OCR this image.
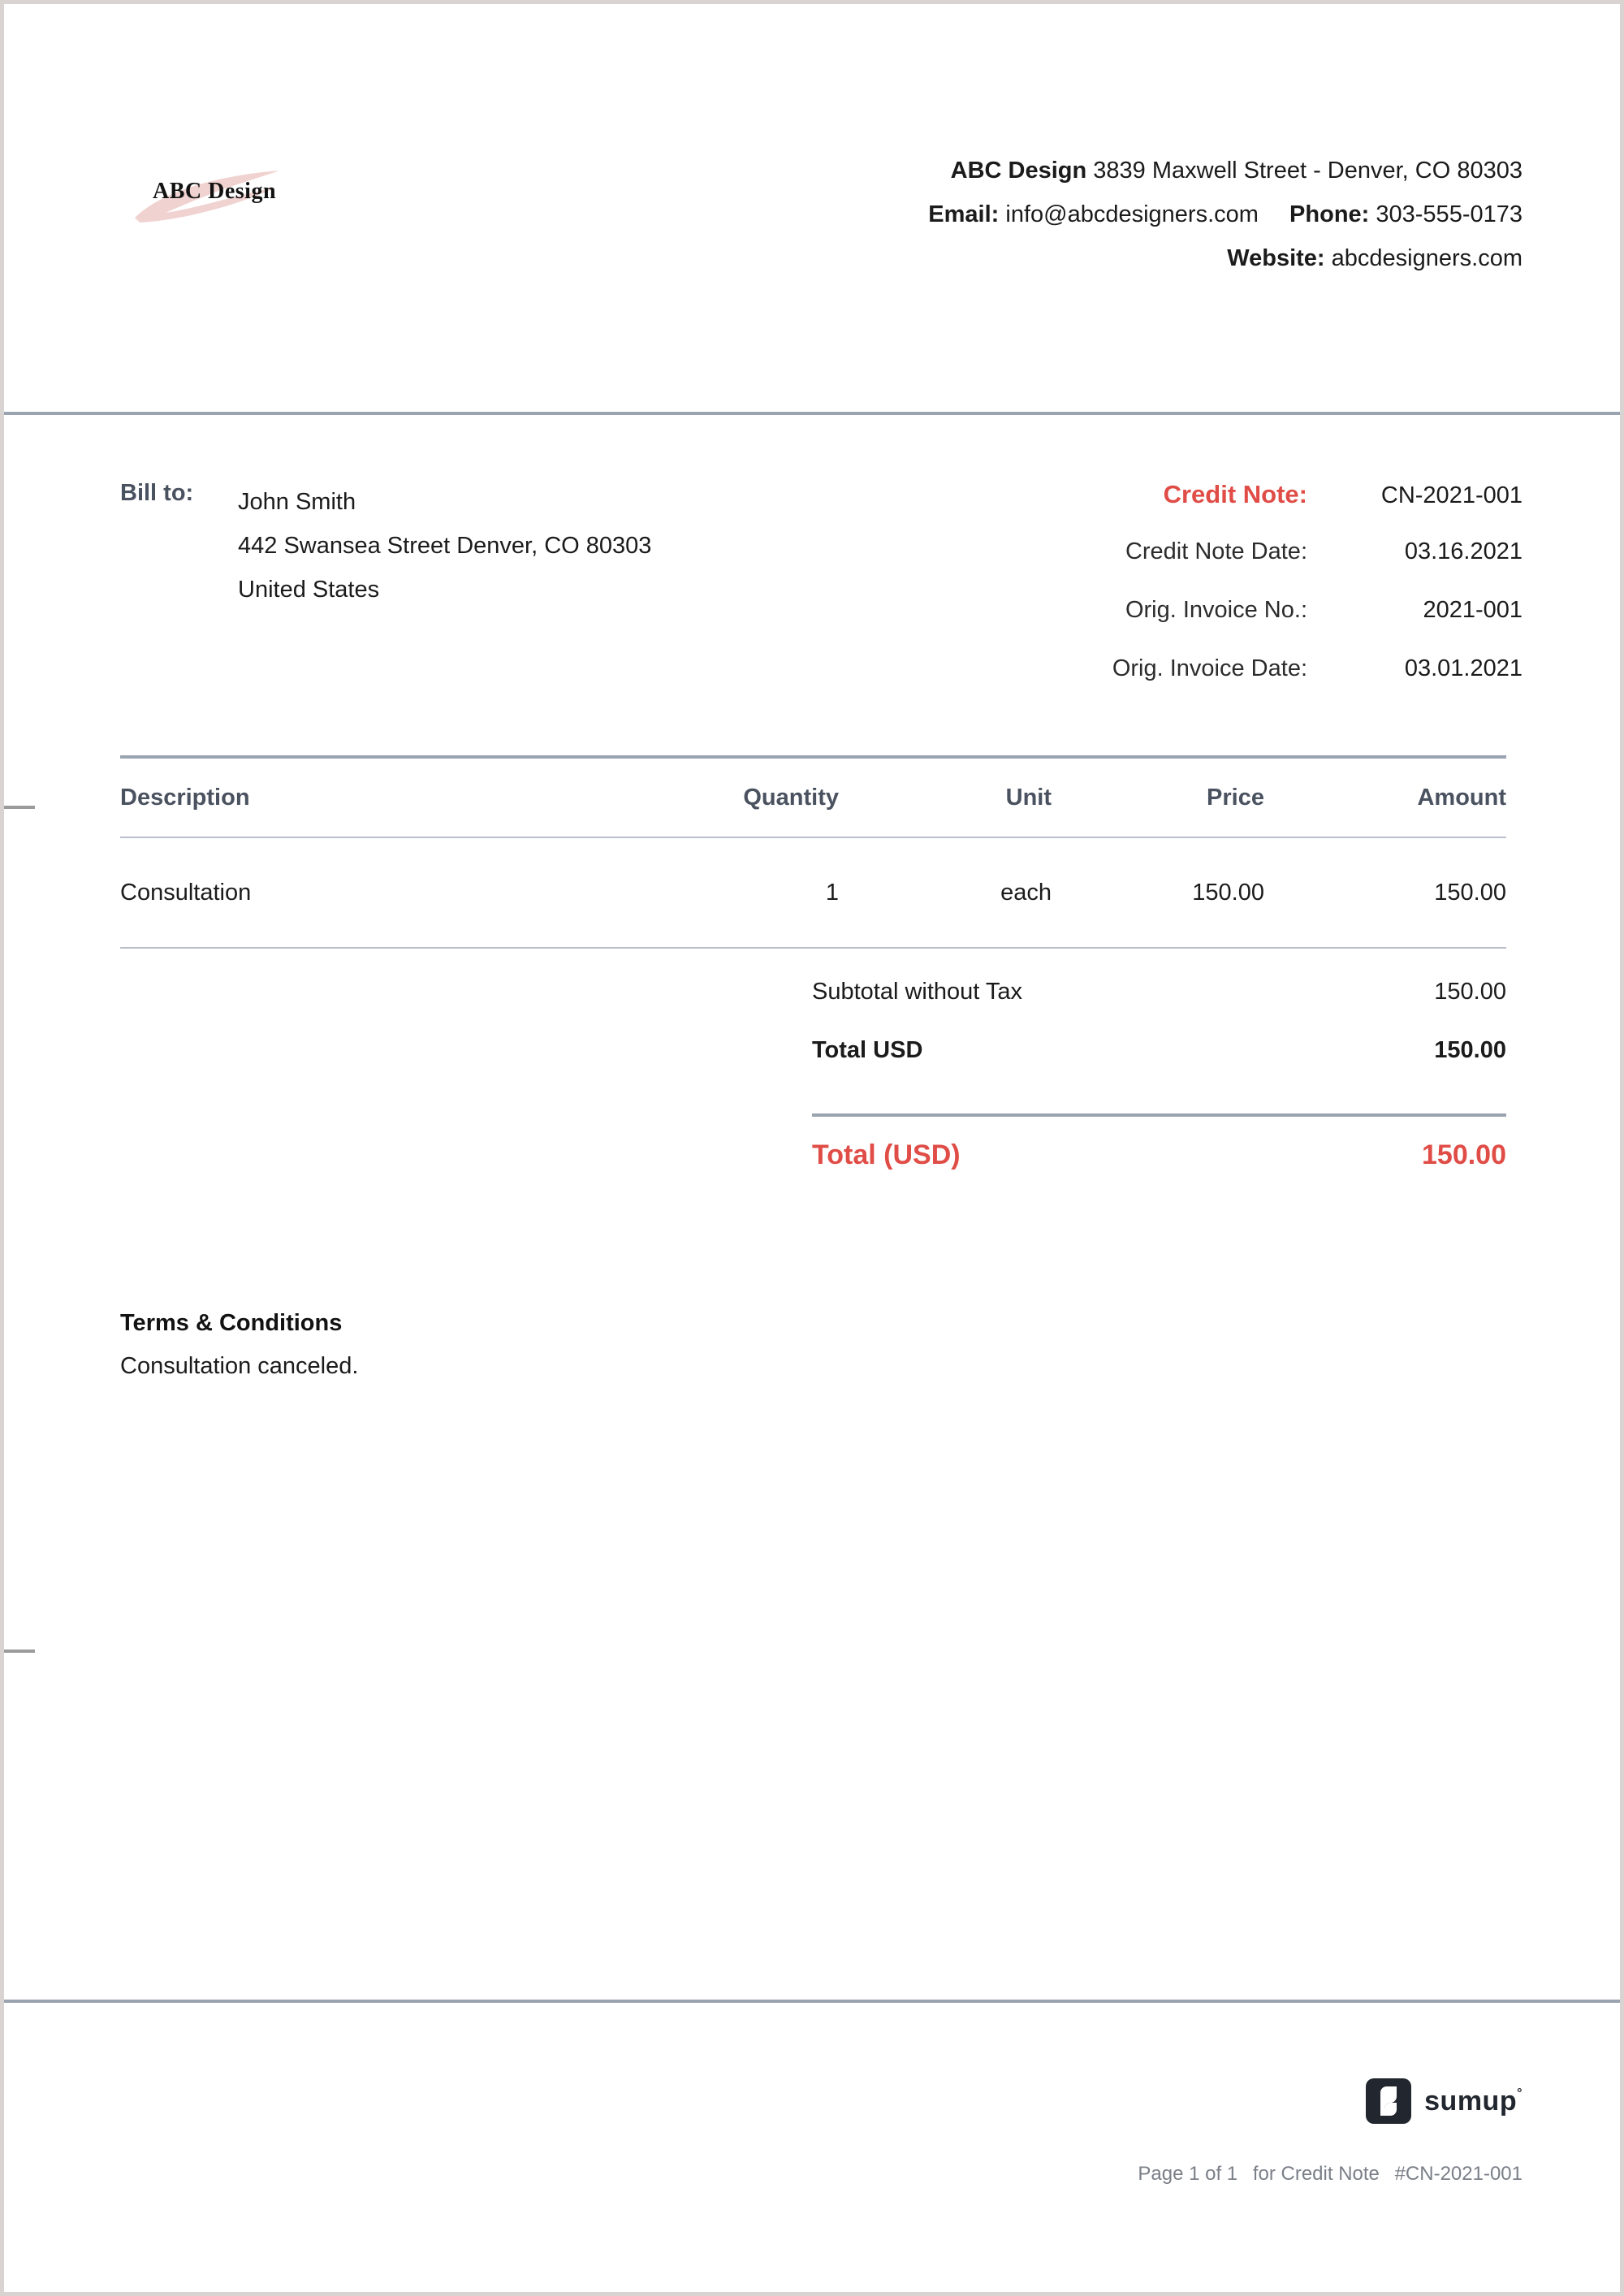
ABC Design
ABC Design 3839 Maxwell Street - Denver, CO 80303
Email: info@abcdesigners.com Phone: 303-555-0173
Website: abcdesigners.com
Bill to: John Smith
442 Swansea Street Denver, CO 80303
United States
Credit Note:	CN-2021-001
Credit Note Date:	03.16.2021
Orig. Invoice No.:	2021-001
Orig. Invoice Date:	03.01.2021
Description	Quantity	Unit	Price	Amount
Consultation	1	each	150.00	150.00
Subtotal without Tax	150.00
Total USD	150.00
Total (USD)	150.00
Terms & Conditions
Consultation canceled.
sumup°
Page 1 of 1 for Credit Note #CN-2021-001
